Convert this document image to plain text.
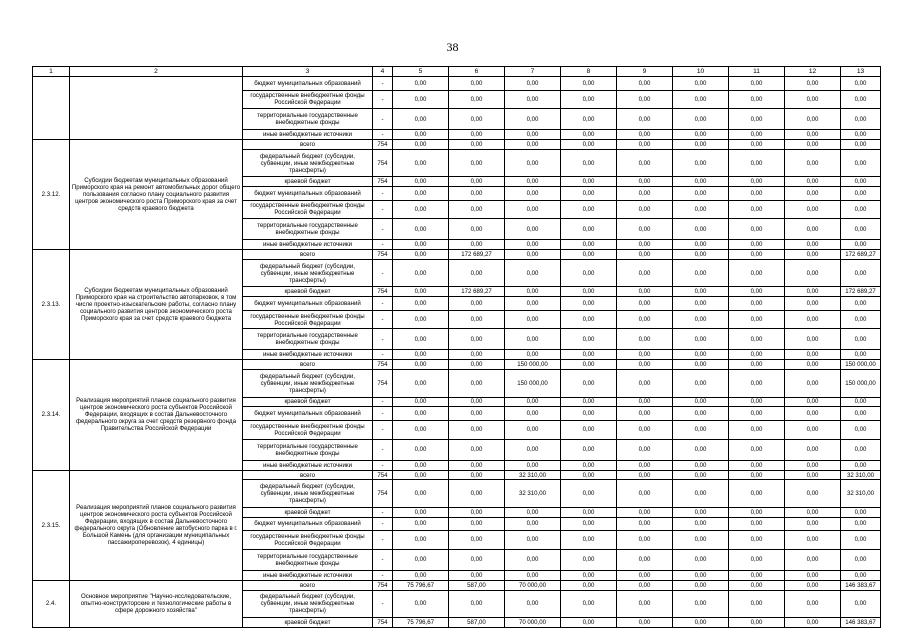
38
1	2	3	4	5	6	7	8	9	10	11	12	13
		бюджет муниципальных образований	-	0,00	0,00	0,00	0,00	0,00	0,00	0,00	0,00	0,00
		государственные внебюджетные фонды Российской Федерации	-	0,00	0,00	0,00	0,00	0,00	0,00	0,00	0,00	0,00
		территориальные государственные внебюджетные фонды	-	0,00	0,00	0,00	0,00	0,00	0,00	0,00	0,00	0,00
		иные внебюджетные источники	-	0,00	0,00	0,00	0,00	0,00	0,00	0,00	0,00	0,00
2.3.12.	Субсидии бюджетам муниципальных образований Приморского края на ремонт автомобильных дорог общего пользования согласно плану социального развития центров экономического роста Приморского края за счет средств краевого бюджета	всего	754	0,00	0,00	0,00	0,00	0,00	0,00	0,00	0,00	0,00
		федеральный бюджет (субсидии, субвенции, иные межбюджетные трансферты)	754	0,00	0,00	0,00	0,00	0,00	0,00	0,00	0,00	0,00
		краевой бюджет	754	0,00	0,00	0,00	0,00	0,00	0,00	0,00	0,00	0,00
		бюджет муниципальных образований	-	0,00	0,00	0,00	0,00	0,00	0,00	0,00	0,00	0,00
		государственные внебюджетные фонды Российской Федерации	-	0,00	0,00	0,00	0,00	0,00	0,00	0,00	0,00	0,00
		территориальные государственные внебюджетные фонды	-	0,00	0,00	0,00	0,00	0,00	0,00	0,00	0,00	0,00
		иные внебюджетные источники	-	0,00	0,00	0,00	0,00	0,00	0,00	0,00	0,00	0,00
2.3.13.	Субсидии бюджетам муниципальных образований Приморского края на строительство автопарковок, в том числе проектно-изыскательские работы, согласно плану социального развития центров экономического роста Приморского края за счет средств краевого бюджета	всего	754	0,00	172 689,27	0,00	0,00	0,00	0,00	0,00	0,00	172 689,27
		федеральный бюджет (субсидии, субвенции, иные межбюджетные трансферты)	-	0,00	0,00	0,00	0,00	0,00	0,00	0,00	0,00	0,00
		краевой бюджет	754	0,00	172 689,27	0,00	0,00	0,00	0,00	0,00	0,00	172 689,27
		бюджет муниципальных образований	-	0,00	0,00	0,00	0,00	0,00	0,00	0,00	0,00	0,00
		государственные внебюджетные фонды Российской Федерации	-	0,00	0,00	0,00	0,00	0,00	0,00	0,00	0,00	0,00
		территориальные государственные внебюджетные фонды	-	0,00	0,00	0,00	0,00	0,00	0,00	0,00	0,00	0,00
		иные внебюджетные источники	-	0,00	0,00	0,00	0,00	0,00	0,00	0,00	0,00	0,00
2.3.14.	Реализация мероприятий планов социального развития центров экономического роста субъектов Российской Федерации, входящих в состав Дальневосточного федерального округа за счет средств резервного фонда Правительства Российской Федерации	всего	754	0,00	0,00	150 000,00	0,00	0,00	0,00	0,00	0,00	150 000,00
		федеральный бюджет (субсидии, субвенции, иные межбюджетные трансферты)	754	0,00	0,00	150 000,00	0,00	0,00	0,00	0,00	0,00	150 000,00
		краевой бюджет	-	0,00	0,00	0,00	0,00	0,00	0,00	0,00	0,00	0,00
		бюджет муниципальных образований	-	0,00	0,00	0,00	0,00	0,00	0,00	0,00	0,00	0,00
		государственные внебюджетные фонды Российской Федерации	-	0,00	0,00	0,00	0,00	0,00	0,00	0,00	0,00	0,00
		территориальные государственные внебюджетные фонды	-	0,00	0,00	0,00	0,00	0,00	0,00	0,00	0,00	0,00
		иные внебюджетные источники	-	0,00	0,00	0,00	0,00	0,00	0,00	0,00	0,00	0,00
2.3.15.	Реализация мероприятий планов социального развития центров экономического роста субъектов Российской Федерации, входящих в состав Дальневосточного федерального округа (Обновление автобусного парка в г. Большой Камень (для организации муниципальных пассажироперевозок), 4 единицы)	всего	754	0,00	0,00	32 310,00	0,00	0,00	0,00	0,00	0,00	32 310,00
		федеральный бюджет (субсидии, субвенции, иные межбюджетные трансферты)	754	0,00	0,00	32 310,00	0,00	0,00	0,00	0,00	0,00	32 310,00
		краевой бюджет	-	0,00	0,00	0,00	0,00	0,00	0,00	0,00	0,00	0,00
		бюджет муниципальных образований	-	0,00	0,00	0,00	0,00	0,00	0,00	0,00	0,00	0,00
		государственные внебюджетные фонды Российской Федерации	-	0,00	0,00	0,00	0,00	0,00	0,00	0,00	0,00	0,00
		территориальные государственные внебюджетные фонды	-	0,00	0,00	0,00	0,00	0,00	0,00	0,00	0,00	0,00
		иные внебюджетные источники	-	0,00	0,00	0,00	0,00	0,00	0,00	0,00	0,00	0,00
2.4.	Основное мероприятие "Научно-исследовательские, опытно-конструкторские и технологические работы в сфере дорожного хозяйства"	всего	754	75 796,67	587,00	70 000,00	0,00	0,00	0,00	0,00	0,00	146 383,67
		федеральный бюджет (субсидии, субвенции, иные межбюджетные трансферты)	-	0,00	0,00	0,00	0,00	0,00	0,00	0,00	0,00	0,00
		краевой бюджет	754	75 796,67	587,00	70 000,00	0,00	0,00	0,00	0,00	0,00	146 383,67
